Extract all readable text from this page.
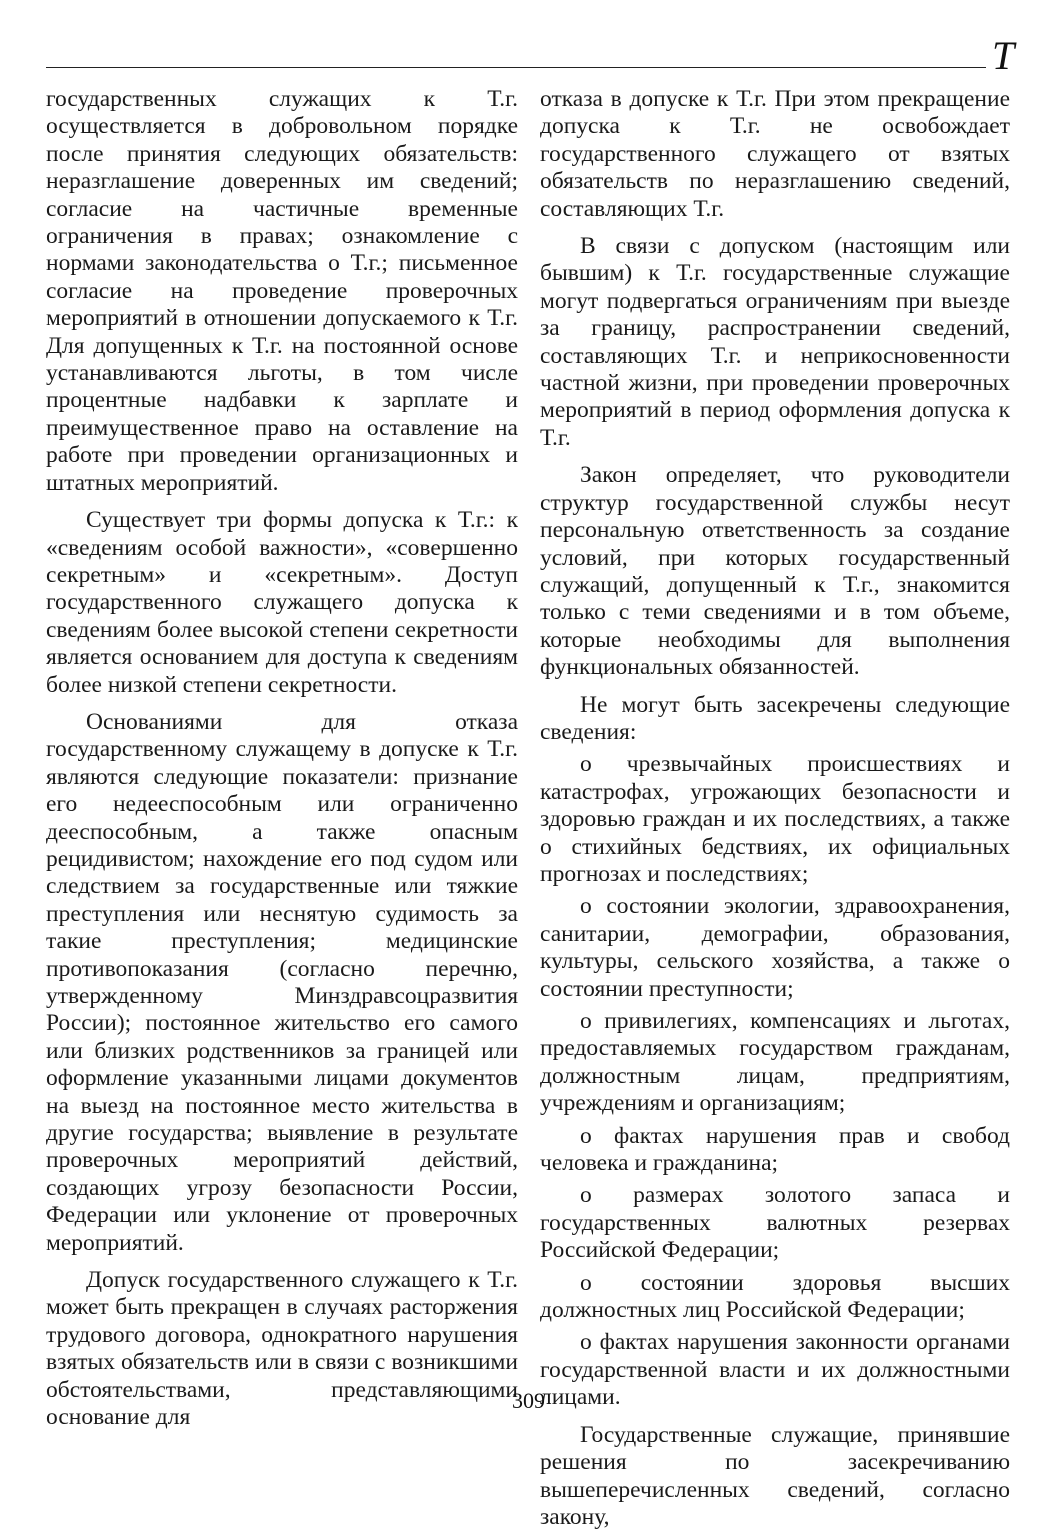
Т

государственных служащих к Т.г. осуществляется в добровольном порядке после принятия следующих обязательств: неразглашение доверенных им сведений; согласие на частичные временные ограничения в правах; ознакомление с нормами законодательства о Т.г.; письменное согласие на проведение проверочных мероприятий в отношении допускаемого к Т.г. Для допущенных к Т.г. на постоянной основе устанавливаются льготы, в том числе процентные надбавки к зарплате и преимущественное право на оставление на работе при проведении организационных и штатных мероприятий.

Существует три формы допуска к Т.г.: к «сведениям особой важности», «совершенно секретным» и «секретным». Доступ государственного служащего допуска к сведениям более высокой степени секретности является основанием для доступа к сведениям более низкой степени секретности.

Основаниями для отказа государственному служащему в допуске к Т.г. являются следующие показатели: признание его недееспособным или ограниченно дееспособным, а также опасным рецидивистом; нахождение его под судом или следствием за государственные или тяжкие преступления или неснятую судимость за такие преступления; медицинские противопоказания (согласно перечню, утвержденному Минздравсоцразвития России); постоянное жительство его самого или близких родственников за границей или оформление указанными лицами документов на выезд на постоянное место жительства в другие государства; выявление в результате проверочных мероприятий действий, создающих угрозу безопасности России, Федерации или уклонение от проверочных мероприятий.

Допуск государственного служащего к Т.г. может быть прекращен в случаях расторжения трудового договора, однократного нарушения взятых обязательств или в связи с возникшими обстоятельствами, представляющими основание для

отказа в допуске к Т.г. При этом прекращение допуска к Т.г. не освобождает государственного служащего от взятых обязательств по неразглашению сведений, составляющих Т.г.

В связи с допуском (настоящим или бывшим) к Т.г. государственные служащие могут подвергаться ограничениям при выезде за границу, распространении сведений, составляющих Т.г. и неприкосновенности частной жизни, при проведении проверочных мероприятий в период оформления допуска к Т.г.

Закон определяет, что руководители структур государственной службы несут персональную ответственность за создание условий, при которых государственный служащий, допущенный к Т.г., знакомится только с теми сведениями и в том объеме, которые необходимы для выполнения функциональных обязанностей.

Не могут быть засекречены следующие сведения:

о чрезвычайных происшествиях и катастрофах, угрожающих безопасности и здоровью граждан и их последствиях, а также о стихийных бедствиях, их официальных прогнозах и последствиях;

о состоянии экологии, здравоохранения, санитарии, демографии, образования, культуры, сельского хозяйства, а также о состоянии преступности;

о привилегиях, компенсациях и льготах, предоставляемых государством гражданам, должностным лицам, предприятиям, учреждениям и организациям;

о фактах нарушения прав и свобод человека и гражданина;

о размерах золотого запаса и государственных валютных резервах Российской Федерации;

о состоянии здоровья высших должностных лиц Российской Федерации;

о фактах нарушения законности органами государственной власти и их должностными лицами.

Государственные служащие, принявшие решения по засекречиванию вышеперечисленных сведений, согласно закону,

309
